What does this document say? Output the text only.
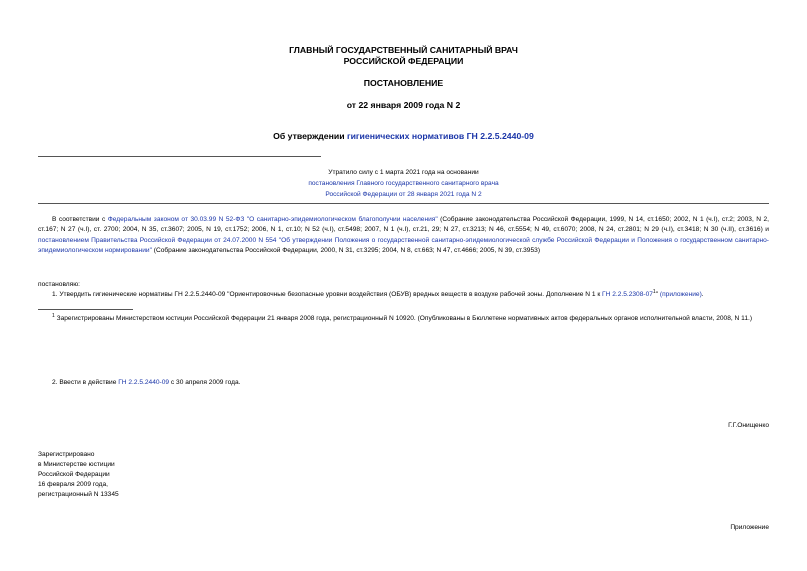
ГЛАВНЫЙ ГОСУДАРСТВЕННЫЙ САНИТАРНЫЙ ВРАЧ
РОССИЙСКОЙ ФЕДЕРАЦИИ
ПОСТАНОВЛЕНИЕ
от 22 января 2009 года N 2
Об утверждении гигиенических нормативов ГН 2.2.5.2440-09
Утратило силу с 1 марта 2021 года на основании
постановления Главного государственного санитарного врача
Российской Федерации от 28 января 2021 года N 2
В соответствии с Федеральным законом от 30.03.99 N 52-ФЗ "О санитарно-эпидемиологическом благополучии населения" (Собрание законодательства Российской Федерации, 1999, N 14, ст.1650; 2002, N 1 (ч.I), ст.2; 2003, N 2, ст.167; N 27 (ч.I), ст. 2700; 2004, N 35, ст.3607; 2005, N 19, ст.1752; 2006, N 1, ст.10; N 52 (ч.I), ст.5498; 2007, N 1 (ч.I), ст.21, 29; N 27, ст.3213; N 46, ст.5554; N 49, ст.6070; 2008, N 24, ст.2801; N 29 (ч.I), ст.3418; N 30 (ч.II), ст.3616) и постановлением Правительства Российской Федерации от 24.07.2000 N 554 "Об утверждении Положения о государственной санитарно-эпидемиологической службе Российской Федерации и Положения о государственном санитарно-эпидемиологическом нормировании" (Собрание законодательства Российской Федерации, 2000, N 31, ст.3295; 2004, N 8, ст.663; N 47, ст.4666; 2005, N 39, ст.3953)
постановляю:
1. Утвердить гигиенические нормативы ГН 2.2.5.2440-09 "Ориентировочные безопасные уровни воздействия (ОБУВ) вредных веществ в воздухе рабочей зоны. Дополнение N 1 к ГН $2.2.5.2308-07^1$" (приложение).
$^1$ Зарегистрированы Министерством юстиции Российской Федерации 21 января 2008 года, регистрационный N 10920. (Опубликованы в Бюллетене нормативных актов федеральных органов исполнительной власти, 2008, N 11.)
2. Ввести в действие ГН 2.2.5.2440-09 с 30 апреля 2009 года.
Г.Г.Онищенко
Зарегистрировано
в Министерстве юстиции
Российской Федерации
16 февраля 2009 года,
регистрационный N 13345
Приложение
